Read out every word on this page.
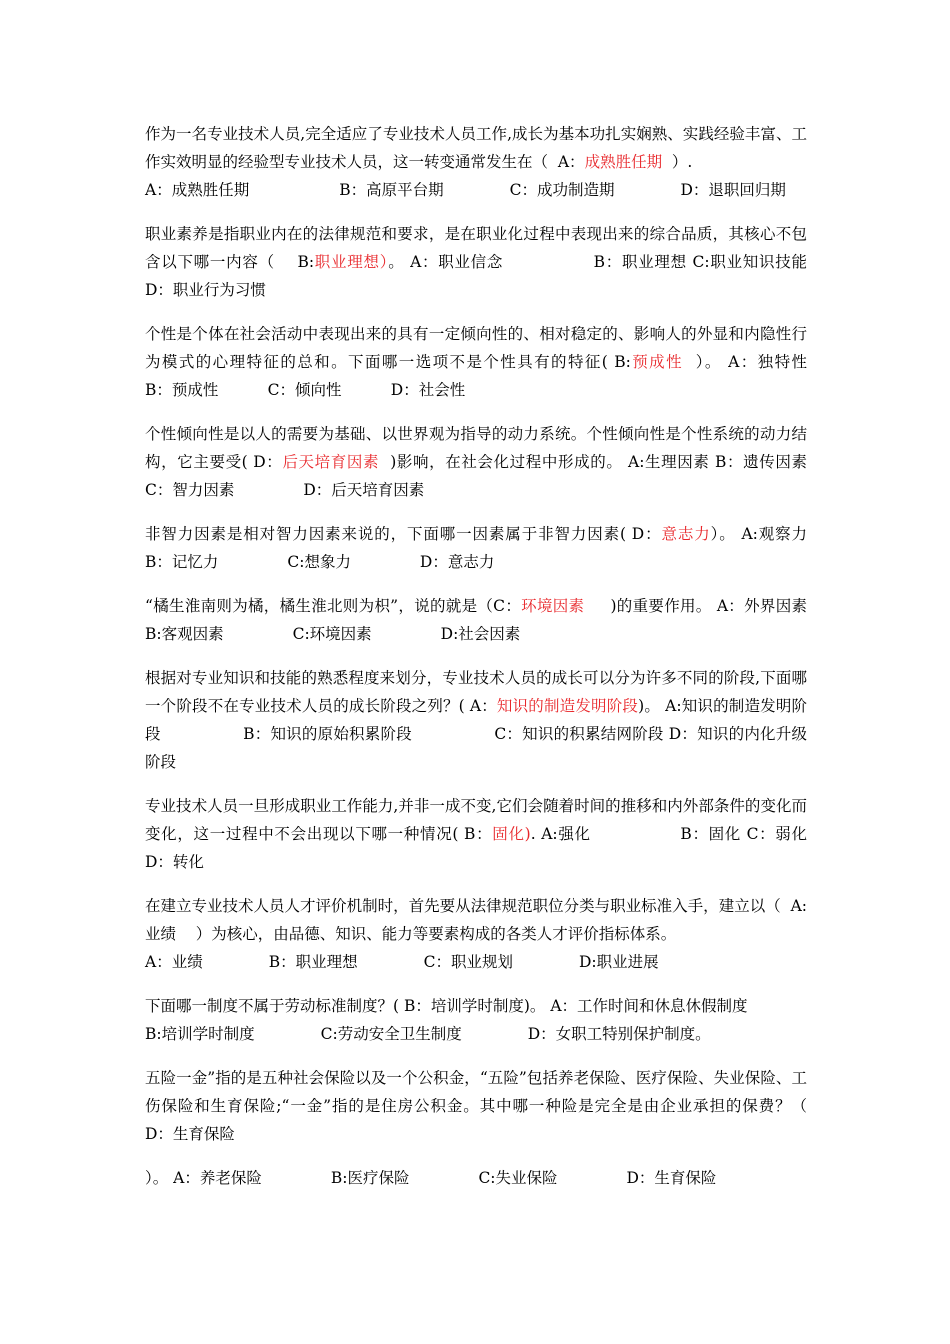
作为一名专业技术人员,完全适应了专业技术人员工作,成长为基本功扎实娴熟、实践经验丰富、工作实效明显的经验型专业技术人员，这一转变通常发生在（  A：成熟胜任期  ）.
A：成熟胜任期	B：高原平台期	C：成功制造期	D：退职回归期

职业素养是指职业内在的法律规范和要求，是在职业化过程中表现出来的综合品质，其核心不包含以下哪一内容（    B:职业理想）。 A：职业信念                B：职业理想 C:职业知识技能              D：职业行为习惯

个性是个体在社会活动中表现出来的具有一定倾向性的、相对稳定的、影响人的外显和内隐性行为模式的心理特征的总和。下面哪一选项不是个性具有的特征( B:预成性  ）。 A：独特性          B：预成性          C：倾向性          D：社会性

个性倾向性是以人的需要为基础、以世界观为指导的动力系统。个性倾向性是个性系统的动力结构，它主要受( D：后天培育因素  )影响，在社会化过程中形成的。 A:生理因素 B：遗传因素            C：智力因素              D：后天培育因素

非智力因素是相对智力因素来说的，下面哪一因素属于非智力因素( D：意志力）。 A:观察力              B：记忆力              C:想象力              D：意志力

“橘生淮南则为橘，橘生淮北则为枳”，说的就是（C：环境因素     )的重要作用。 A：外界因素              B:客观因素              C:环境因素              D:社会因素

根据对专业知识和技能的熟悉程度来划分，专业技术人员的成长可以分为许多不同的阶段,下面哪一个阶段不在专业技术人员的成长阶段之列？( A：知识的制造发明阶段)。 A:知识的制造发明阶段                B：知识的原始积累阶段                C：知识的积累结网阶段 D：知识的内化升级阶段

专业技术人员一旦形成职业工作能力,并非一成不变,它们会随着时间的推移和内外部条件的变化而变化，这一过程中不会出现以下哪一种情况( B：固化). A:强化                B：固化 C：弱化              D：转化

在建立专业技术人员人才评价机制时，首先要从法律规范职位分类与职业标准入手，建立以（  A:业绩    ）为核心，由品德、知识、能力等要素构成的各类人才评价指标体系。
A：业绩	B：职业理想	C：职业规划	D:职业进展

下面哪一制度不属于劳动标准制度？( B：培训学时制度)。 A：工作时间和休息休假制度
B:培训学时制度	C:劳动安全卫生制度	D：女职工特别保护制度。

五险一金”指的是五种社会保险以及一个公积金，“五险”包括养老保险、医疗保险、失业保险、工伤保险和生育保险;“一金”指的是住房公积金。其中哪一种险是完全是由企业承担的保费？（    D：生育保险

）。 A：养老保险              B:医疗保险              C:失业保险              D：生育保险
